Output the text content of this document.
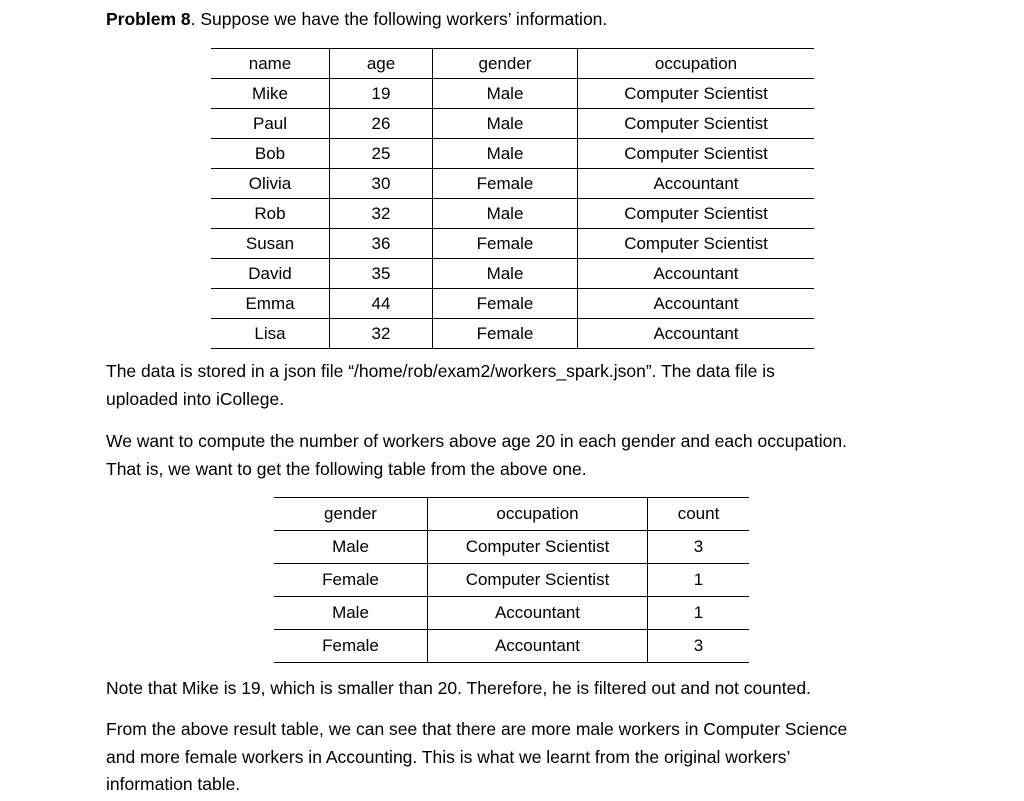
Problem 8. Suppose we have the following workers’ information.
name	age	gender	occupation
Mike	19	Male	Computer Scientist
Paul	26	Male	Computer Scientist
Bob	25	Male	Computer Scientist
Olivia	30	Female	Accountant
Rob	32	Male	Computer Scientist
Susan	36	Female	Computer Scientist
David	35	Male	Accountant
Emma	44	Female	Accountant
Lisa	32	Female	Accountant
The data is stored in a json file “/home/rob/exam2/workers_spark.json”. The data file is
uploaded into iCollege.
We want to compute the number of workers above age 20 in each gender and each occupation.
That is, we want to get the following table from the above one.
gender	occupation	count
Male	Computer Scientist	3
Female	Computer Scientist	1
Male	Accountant	1
Female	Accountant	3
Note that Mike is 19, which is smaller than 20. Therefore, he is filtered out and not counted.
From the above result table, we can see that there are more male workers in Computer Science
and more female workers in Accounting. This is what we learnt from the original workers’
information table.
